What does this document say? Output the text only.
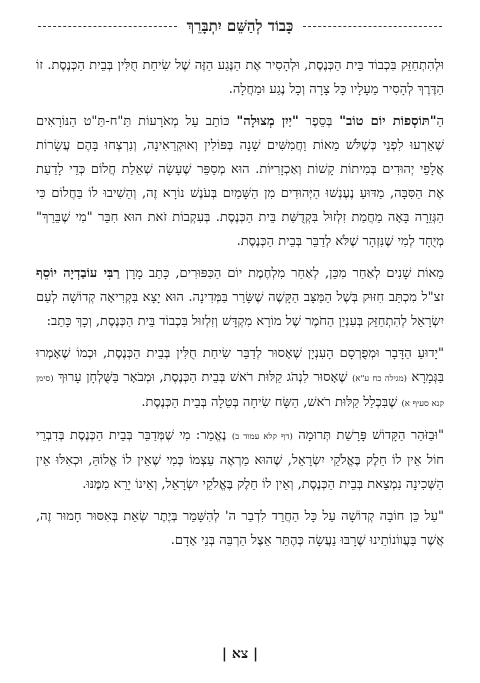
כָּבוֹד לְהַשֵּׁם יִתְבָּרֵךְ

וּלְהִתְחַזֵּק בִּכְבוֹד בֵּית הַכְּנֶסֶת, וּלְהָסִיר אֶת הַנֶּגַע הַזֶּה שֶׁל שִׂיחַת חֻלִּין בְּבֵית הַכְּנֶסֶת. זוֹ הַדֶּרֶךְ לְהָסִיר מֵעָלָיו כָּל צָרָה וְכָל נֶגַע וּמַחֲלָה.

הַ"תּוֹסְפוֹת יוֹם טוֹב" בְּסֵפֶר "יַיִן מְצוּלָה" כּוֹתֵב עַל מְאֹרָעוֹת תַּ"ח-תַּ"ט הַנּוֹרָאִים שֶׁאֵרְעוּ לִפְנֵי כְּשֶׁלֹּשׁ מֵאוֹת וַחֲמִשִּׁים שָׁנָה בְּפּוֹלִין וְאוּקְרַאִינָה, וְנִרְצְחוּ בָּהֶם עֲשָׂרוֹת אֲלָפֵי יְהוּדִים בְּמִיתוֹת קָשׁוֹת וְאַכְזָרִיּוֹת. הוּא מְסַפֵּר שֶׁעָשָׂה שְׁאֵלַת חֲלוֹם כְּדֵי לָדַעַת אֶת הַסִּבָּה, מַדּוּעַ נֶעֶנְשׁוּ הַיְּהוּדִים מִן הַשָּׁמַיִם בְּעֹנֶשׁ נוֹרָא זֶה, וְהֵשִׁיבוּ לוֹ בַּחֲלוֹם כִּי הַגְּזֵרָה בָּאָה מֵחֲמַת זִלְזוּל בִּקְדֻשַּׁת בֵּית הַכְּנֶסֶת. בְּעִקְבוֹת זֹאת הוּא חִבֵּר "מִי שֶׁבֵּרַךְ" מְיֻחָד לְמִי שֶׁנִּזְהָר שֶׁלֹּא לְדַבֵּר בְּבֵית הַכְּנֶסֶת.

מֵאוֹת שָׁנִים לְאַחַר מִכֵּן, לְאַחַר מִלְחֶמֶת יוֹם הַכִּפּוּרִים, כָּתַב מָרָן רַבִּי עוֹבַדְיָה יוֹסֵף זצ"ל מִכְתַּב חִזּוּק בְּשֶׁל הַמַּצָּב הַקָּשֶׁה שֶׁשָּׂרַר בַּמְּדִינָה. הוּא יָצָא בִּקְרִיאָה קְדוֹשָׁה לְעַם יִשְׂרָאֵל לְהִתְחַזֵּק בְּעִנְיַן הַחֹמֶר שֶׁל מוֹרָא מִקְדָּשׁ וְזִלְזוּל בִּכְבוֹד בֵּית הַכְּנֶסֶת, וְכָךְ כָּתַב:

"יָדוּעַ הַדָּבָר וּמְפֻרְסָם הָעִנְיָן שֶׁאָסוּר לְדַבֵּר שִׂיחַת חֻלִּין בְּבֵית הַכְּנֶסֶת, וּכְמוֹ שֶׁאָמְרוּ בַּגְּמָרָא (מגילה כח ע"א) שֶׁאָסוּר לִנְהֹג קַלּוּת רֹאשׁ בְּבֵית הַכְּנֶסֶת, וּמְבֹאָר בַּשֻּׁלְחָן עָרוּךְ (סימן קנא סעיף א) שֶׁבִּכְלַל קַלּוּת רֹאשׁ, הַשָּׂח שִׂיחָה בְּטֵלָה בְּבֵית הַכְּנֶסֶת.

"וּבַזֹּהַר הַקָּדוֹשׁ פָּרָשַׁת תְּרוּמָה (דף קלא עמוד ב) נֶאֱמַר: מִי שֶׁמְּדַבֵּר בְּבֵית הַכְּנֶסֶת בְּדִבְרֵי חוֹל אֵין לוֹ חֵלֶק בֶּאֱלֹקֵי יִשְׂרָאֵל, שֶׁהוּא מַרְאֶה עַצְמוֹ כְּמִי שֶׁאֵין לוֹ אֱלוֹהַּ, וּכְאִלּוּ אֵין הַשְּׁכִינָה נִמְצֵאת בְּבֵית הַכְּנֶסֶת, וְאֵין לוֹ חֵלֶק בֶּאֱלֹקֵי יִשְׂרָאֵל, וְאֵינוֹ יָרֵא מִמֶּנּוּ.

"עַל כֵּן חוֹבָה קְדוֹשָׁה עַל כָּל הַחֲרֵד לִדְבַר ה' לְהִשָּׁמֵר בְּיֶתֶר שְׂאֵת בְּאִסּוּר חָמוּר זֶה, אֲשֶׁר בַּעֲווֹנוֹתֵינוּ שֶׁרָבּוּ נַעֲשָׂה כְּהֶתֵּר אֵצֶל הַרְבֵּה בְּנֵי אָדָם.

| צא |
